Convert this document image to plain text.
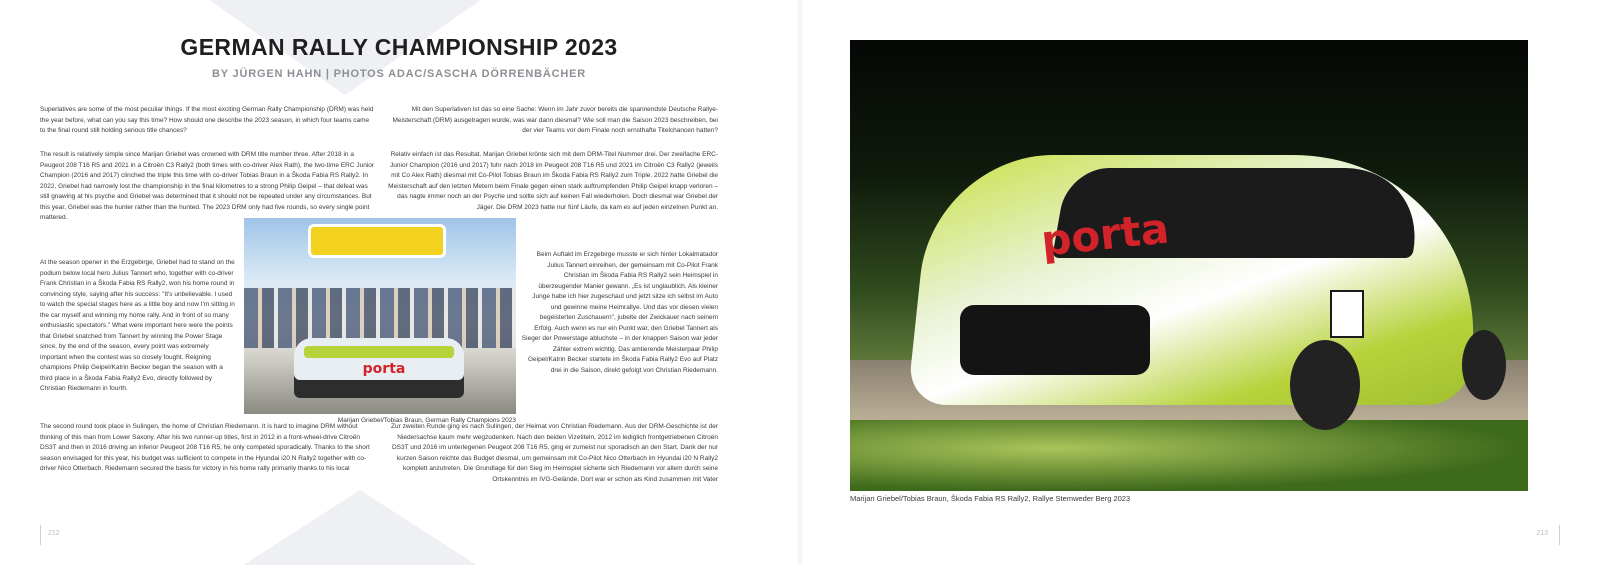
GERMAN RALLY CHAMPIONSHIP 2023
BY JÜRGEN HAHN | PHOTOS ADAC/SASCHA DÖRRENBÄCHER

Superlatives are some of the most peculiar things. If the most exciting German Rally Championship (DRM) was held the year before, what can you say this time? How should one describe the 2023 season, in which four teams came to the final round still holding serious title chances?

The result is relatively simple since Marijan Griebel was crowned with DRM title number three. After 2018 in a Peugeot 208 T16 R5 and 2021 in a Citroën C3 Rally2 (both times with co-driver Alex Rath), the two-time ERC Junior Champion (2016 and 2017) clinched the triple this time with co-driver Tobias Braun in a Škoda Fabia RS Rally2. In 2022, Griebel had narrowly lost the championship in the final kilometres to a strong Philip Geipel – that defeat was still gnawing at his psyche and Griebel was determined that it should not be repeated under any circumstances. But this year, Griebel was the hunter rather than the hunted. The 2023 DRM only had five rounds, so every single point mattered.

Mit den Superlativen ist das so eine Sache: Wenn im Jahr zuvor bereits die spannendste Deutsche Rallye-Meisterschaft (DRM) ausgetragen wurde, was war dann diesmal? Wie soll man die Saison 2023 beschreiben, bei der vier Teams vor dem Finale noch ernsthafte Titelchancen hatten?

Relativ einfach ist das Resultat. Marijan Griebel krönte sich mit dem DRM-Titel Nummer drei. Der zweifache ERC-Junior Champion (2016 und 2017) fuhr nach 2018 im Peugeot 208 T16 R5 und 2021 im Citroën C3 Rally2 (jeweils mit Co Alex Rath) diesmal mit Co-Pilot Tobias Braun im Škoda Fabia RS Rally2 zum Triple. 2022 hatte Griebel die Meisterschaft auf den letzten Metern beim Finale gegen einen stark auftrumpfenden Philip Geipel knapp verloren – das nagte immer noch an der Psyche und sollte sich auf keinen Fall wiederholen. Doch diesmal war Griebel der Jäger. Die DRM 2023 hatte nur fünf Läufe, da kam es auf jeden einzelnen Punkt an.

At the season opener in the Erzgebirge, Griebel had to stand on the podium below local hero Julius Tannert who, together with co-driver Frank Christian in a Škoda Fabia RS Rally2, won his home round in convincing style, saying after his success: "It's unbelievable. I used to watch the special stages here as a little boy and now I'm sitting in the car myself and winning my home rally. And in front of so many enthusiastic spectators." What were important here were the points that Griebel snatched from Tannert by winning the Power Stage since, by the end of the season, every point was extremely important when the contest was so closely fought. Reigning champions Philip Geipel/Katrin Becker began the season with a third place in a Škoda Fabia Rally2 Evo, directly followed by Christian Riedemann in fourth.

Beim Auftakt im Erzgebirge musste er sich hinter Lokalmatador Julius Tannert einreihen, der gemeinsam mit Co-Pilot Frank Christian im Škoda Fabia RS Rally2 sein Heimspiel in überzeugender Manier gewann. „Es ist unglaublich. Als kleiner Junge habe ich hier zugeschaut und jetzt sitze ich selbst im Auto und gewinne meine Heimrallye. Und das vor diesen vielen begeisterten Zuschauern", jubelte der Zwickauer nach seinem Erfolg. Auch wenn es nur ein Punkt war, den Griebel Tannert als Sieger der Powerstage abluchste – in der knappen Saison war jeder Zähler extrem wichtig. Das amtierende Meisterpaar Philip Geipel/Katrin Becker startete im Škoda Fabia Rally2 Evo auf Platz drei in die Saison, direkt gefolgt von Christian Riedemann.

porta
Marijan Griebel/Tobias Braun, German Rally Champions 2023

The second round took place in Sulingen, the home of Christian Riedemann. It is hard to imagine DRM without thinking of this man from Lower Saxony. After his two runner-up titles, first in 2012 in a front-wheel-drive Citroën DS3T and then in 2016 driving an inferior Peugeot 208 T16 R5, he only competed sporadically. Thanks to the short season envisaged for this year, his budget was sufficient to compete in the Hyundai i20 N Rally2 together with co-driver Nico Otterbach. Riedemann secured the basis for victory in his home rally primarily thanks to his local

Zur zweiten Runde ging es nach Sulingen, der Heimat von Christian Riedemann. Aus der DRM-Geschichte ist der Niedersachse kaum mehr wegzudenken. Nach den beiden Vizetiteln, 2012 im lediglich frontgetriebenen Citroën DS3T und 2016 im unterlegenen Peugeot 208 T16 R5, ging er zumeist nur sporadisch an den Start. Dank der nur kurzen Saison reichte das Budget diesmal, um gemeinsam mit Co-Pilot Nico Otterbach im Hyundai i20 N Rally2 komplett anzutreten. Die Grundlage für den Sieg im Heimspiel sicherte sich Riedemann vor allem durch seine Ortskenntnis im IVG-Gelände. Dort war er schon als Kind zusammen mit Vater

212
porta
Marijan Griebel/Tobias Braun, Škoda Fabia RS Rally2, Rallye Stemweder Berg 2023
213
